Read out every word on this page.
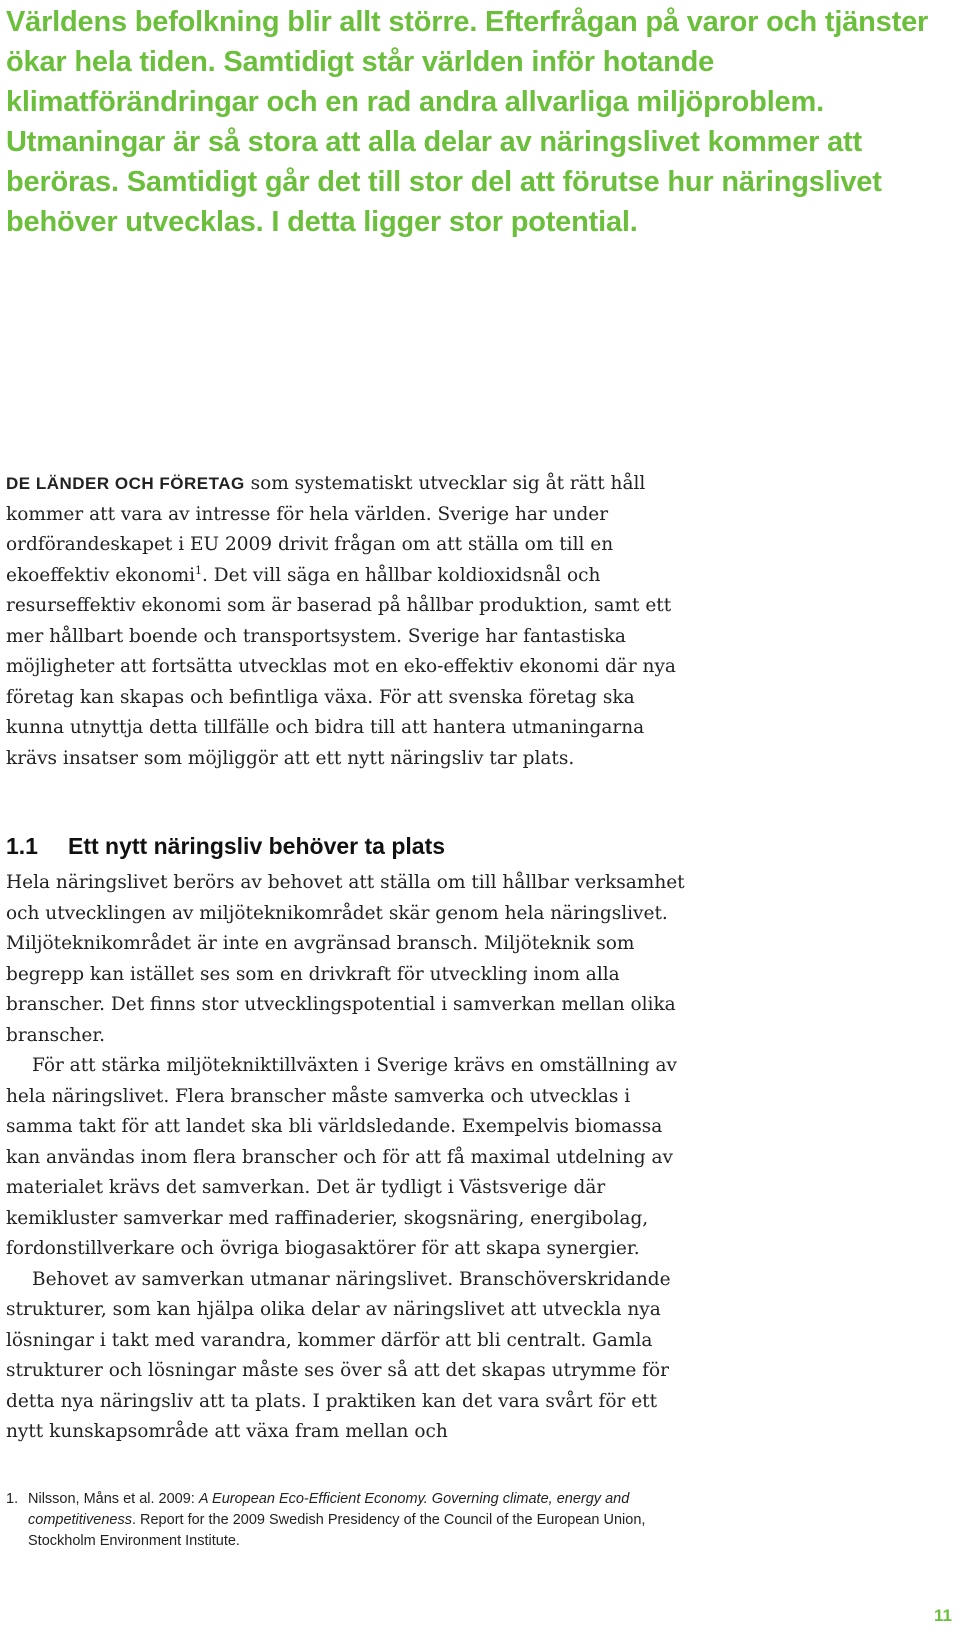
Världens befolkning blir allt större. Efterfrågan på varor och tjänster ökar hela tiden. Samtidigt står världen inför hotande klimatförändringar och en rad andra allvarliga miljöproblem. Utmaningar är så stora att alla delar av näringslivet kommer att beröras. Samtidigt går det till stor del att förutse hur näringslivet behöver utvecklas. I detta ligger stor potential.
DE LÄNDER OCH FÖRETAG som systematiskt utvecklar sig åt rätt håll kommer att vara av intresse för hela världen. Sverige har under ordförandeskapet i EU 2009 drivit frågan om att ställa om till en ekoeffektiv ekonomi$^1$. Det vill säga en hållbar koldioxidsnål och resurseffektiv ekonomi som är baserad på hållbar produktion, samt ett mer hållbart boende och transportsystem. Sverige har fantastiska möjligheter att fortsätta utvecklas mot en eko-effektiv ekonomi där nya företag kan skapas och befintliga växa. För att svenska företag ska kunna utnyttja detta tillfälle och bidra till att hantera utmaningarna krävs insatser som möjliggör att ett nytt näringsliv tar plats.
1.1 Ett nytt näringsliv behöver ta plats

Hela näringslivet berörs av behovet att ställa om till hållbar verksamhet och utvecklingen av miljöteknikområdet skär genom hela näringslivet. Miljöteknikområdet är inte en avgränsad bransch. Miljöteknik som begrepp kan istället ses som en drivkraft för utveckling inom alla branscher. Det finns stor utvecklingspotential i samverkan mellan olika branscher.

För att stärka miljötekniktillväxten i Sverige krävs en omställning av hela näringslivet. Flera branscher måste samverka och utvecklas i samma takt för att landet ska bli världsledande. Exempelvis biomassa kan användas inom flera branscher och för att få maximal utdelning av materialet krävs det samverkan. Det är tydligt i Västsverige där kemikluster samverkar med raffinaderier, skogsnäring, energibolag, fordonstillverkare och övriga biogasaktörer för att skapa synergier.

Behovet av samverkan utmanar näringslivet. Branschöverskridande strukturer, som kan hjälpa olika delar av näringslivet att utveckla nya lösningar i takt med varandra, kommer därför att bli centralt. Gamla strukturer och lösningar måste ses över så att det skapas utrymme för detta nya näringsliv att ta plats. I praktiken kan det vara svårt för ett nytt kunskapsområde att växa fram mellan och

1. Nilsson, Måns et al. 2009: A European Eco-Efficient Economy. Governing climate, energy and competitiveness. Report for the 2009 Swedish Presidency of the Council of the European Union, Stockholm Environment Institute.
11
